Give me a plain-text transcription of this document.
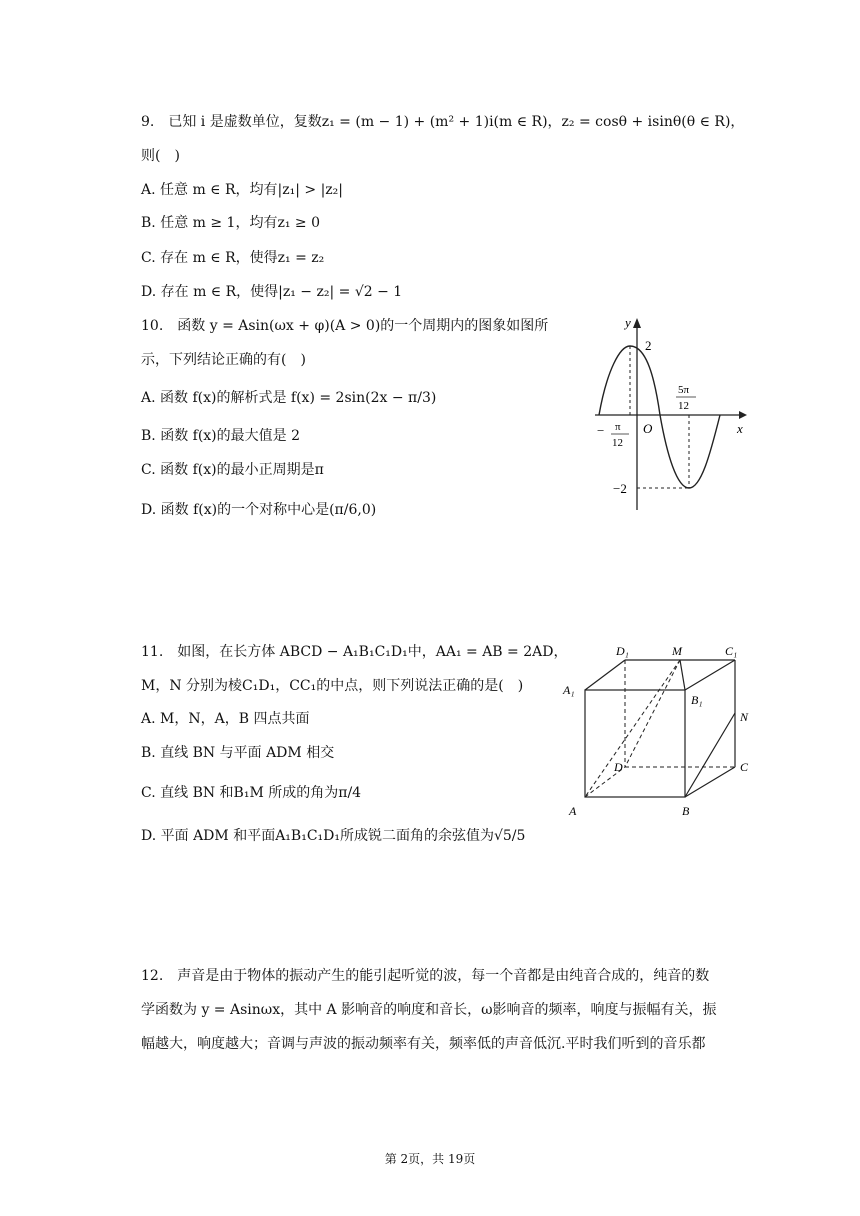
9.　已知 i 是虚数单位，复数z₁ = (m − 1) + (m² + 1)i(m ∈ R)，z₂ = cosθ + isinθ(θ ∈ R)，
则(　)
A. 任意 m ∈ R，均有|z₁| > |z₂|
B. 任意 m ≥ 1，均有z₁ ≥ 0
C. 存在 m ∈ R，使得z₁ = z₂
D. 存在 m ∈ R，使得|z₁ − z₂| = √2 − 1
10.　函数 y = Asin(ωx + φ)(A > 0)的一个周期内的图象如图所
示，下列结论正确的有(　)
A. 函数 f(x)的解析式是 f(x) = 2sin(2x − π/3)
B. 函数 f(x)的最大值是 2
C. 函数 f(x)的最小正周期是π
D. 函数 f(x)的一个对称中心是(π/6,0)
y
x
O
2
−2
− π
12
5π
12
11.　如图，在长方体 ABCD − A₁B₁C₁D₁中，AA₁ = AB = 2AD，
M，N 分别为棱C₁D₁，CC₁的中点，则下列说法正确的是(　)
A. M，N，A，B 四点共面
B. 直线 BN 与平面 ADM 相交
C. 直线 BN 和B₁M 所成的角为π/4
D. 平面 ADM 和平面A₁B₁C₁D₁所成锐二面角的余弦值为√5/5
D₁	M	C₁
A₁
B₁
N
D	C
A	B
12.　声音是由于物体的振动产生的能引起听觉的波，每一个音都是由纯音合成的，纯音的数
学函数为 y = Asinωx，其中 A 影响音的响度和音长，ω影响音的频率，响度与振幅有关，振
幅越大，响度越大；音调与声波的振动频率有关，频率低的声音低沉.平时我们听到的音乐都
第 2页，共 19页
